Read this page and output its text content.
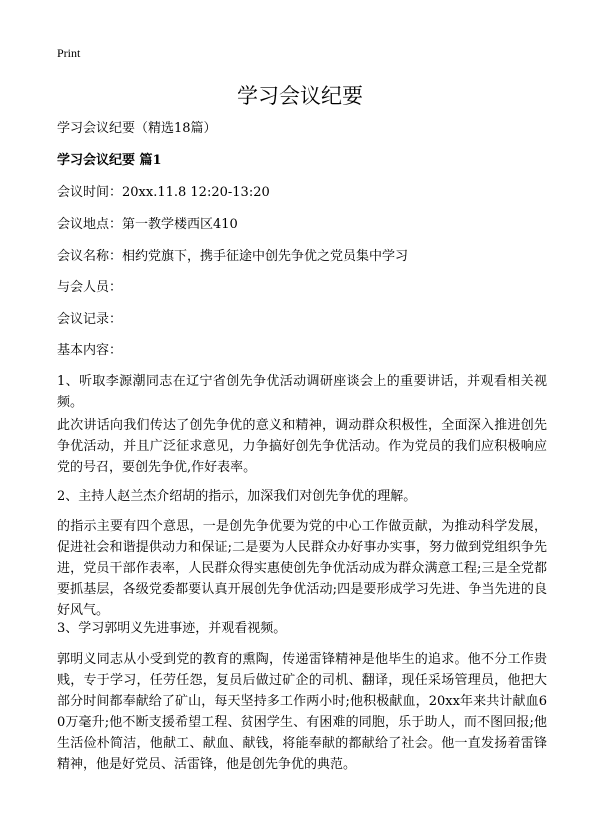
Print
学习会议纪要
学习会议纪要（精选18篇）
学习会议纪要 篇1
会议时间：20xx.11.8 12:20-13:20
会议地点：第一教学楼西区410
会议名称：相约党旗下，携手征途中创先争优之党员集中学习
与会人员：
会议记录：
基本内容：
1、听取李源潮同志在辽宁省创先争优活动调研座谈会上的重要讲话，并观看相关视频。
此次讲话向我们传达了创先争优的意义和精神，调动群众积极性，全面深入推进创先争优活动，并且广泛征求意见，力争搞好创先争优活动。作为党员的我们应积极响应党的号召，要创先争优,作好表率。
2、主持人赵兰杰介绍胡的指示，加深我们对创先争优的理解。
的指示主要有四个意思，一是创先争优要为党的中心工作做贡献，为推动科学发展，促进社会和谐提供动力和保证;二是要为人民群众办好事办实事，努力做到党组织争先进，党员干部作表率，人民群众得实惠使创先争优活动成为群众满意工程;三是全党都要抓基层，各级党委都要认真开展创先争优活动;四是要形成学习先进、争当先进的良好风气。
3、学习郭明义先进事迹，并观看视频。
郭明义同志从小受到党的教育的熏陶，传递雷锋精神是他毕生的追求。他不分工作贵贱，专于学习，任劳任怨，复员后做过矿企的司机、翻译，现任采场管理员，他把大部分时间都奉献给了矿山，每天坚持多工作两小时;他积极献血，20xx年来共计献血60万毫升;他不断支援希望工程、贫困学生、有困难的同胞，乐于助人，而不图回报;他生活俭朴简洁，他献工、献血、献钱，将能奉献的都献给了社会。他一直发扬着雷锋精神，他是好党员、活雷锋，他是创先争优的典范。
